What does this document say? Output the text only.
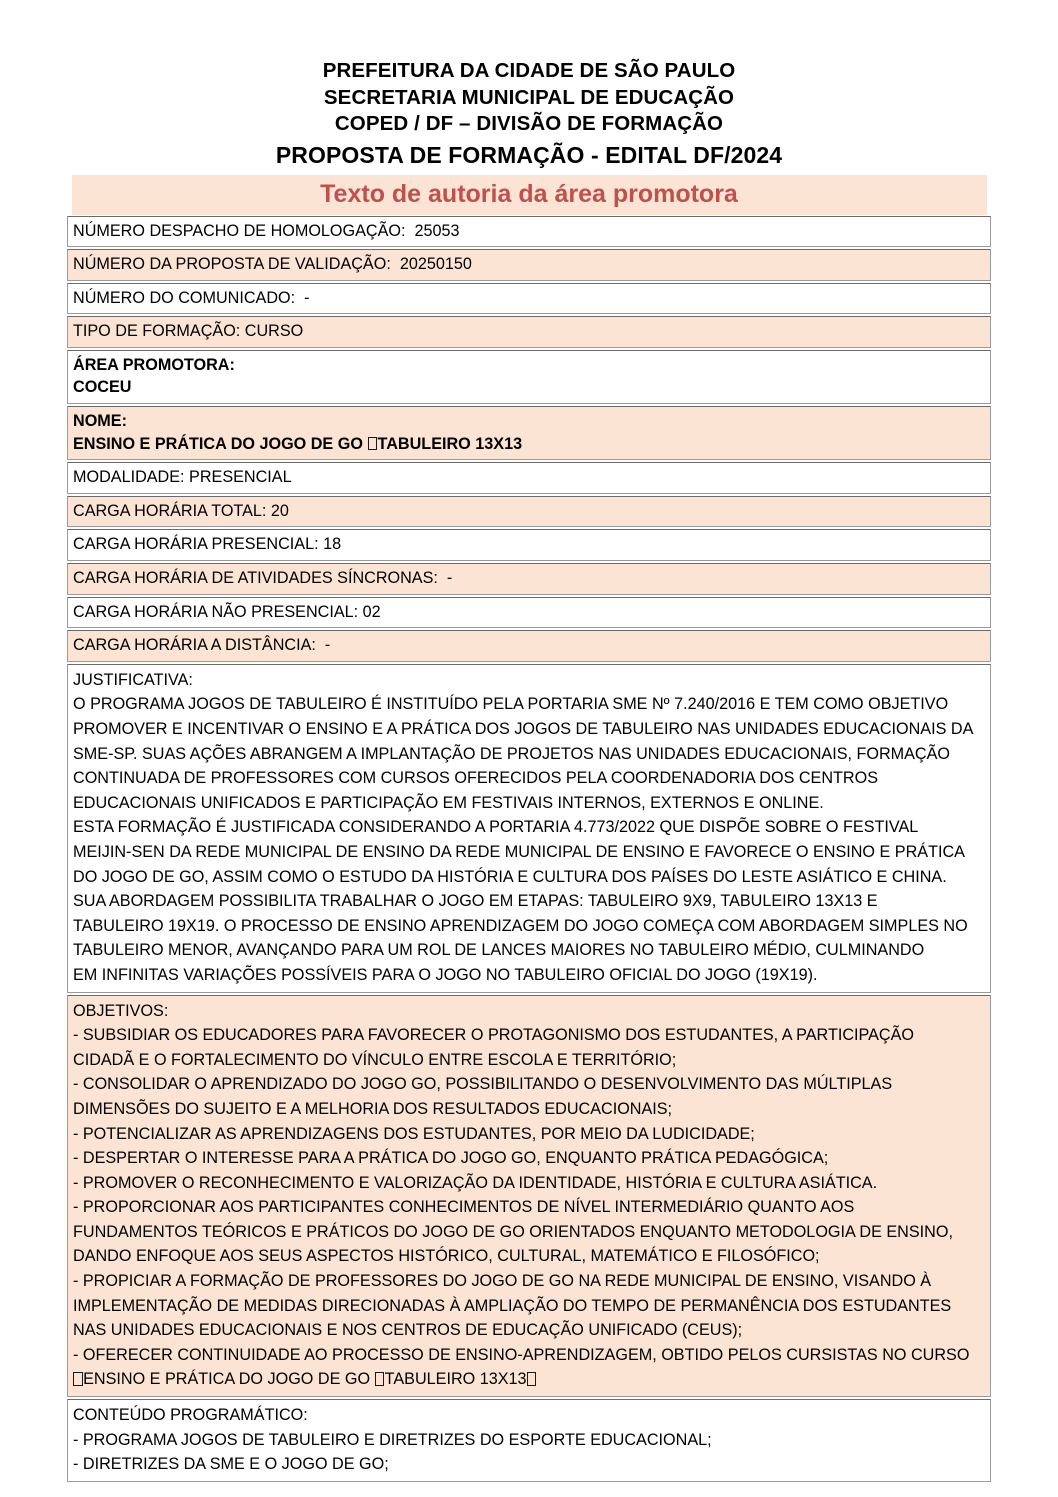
PREFEITURA DA CIDADE DE SÃO PAULO
SECRETARIA MUNICIPAL DE EDUCAÇÃO
COPED / DF – DIVISÃO DE FORMAÇÃO
PROPOSTA DE FORMAÇÃO - EDITAL DF/2024
Texto de autoria da área promotora

NÚMERO DESPACHO DE HOMOLOGAÇÃO:  25053

NÚMERO DA PROPOSTA DE VALIDAÇÃO:  20250150

NÚMERO DO COMUNICADO:  -

TIPO DE FORMAÇÃO: CURSO

ÁREA PROMOTORA:
COCEU
NOME:
ENSINO E PRÁTICA DO JOGO DE GO TABULEIRO 13X13

MODALIDADE: PRESENCIAL

CARGA HORÁRIA TOTAL: 20

CARGA HORÁRIA PRESENCIAL: 18

CARGA HORÁRIA DE ATIVIDADES SÍNCRONAS:  -

CARGA HORÁRIA NÃO PRESENCIAL: 02

CARGA HORÁRIA A DISTÂNCIA:  -

JUSTIFICATIVA:
O PROGRAMA JOGOS DE TABULEIRO É INSTITUÍDO PELA PORTARIA SME Nº 7.240/2016 E TEM COMO OBJETIVO
PROMOVER E INCENTIVAR O ENSINO E A PRÁTICA DOS JOGOS DE TABULEIRO NAS UNIDADES EDUCACIONAIS DA
SME-SP. SUAS AÇÕES ABRANGEM A IMPLANTAÇÃO DE PROJETOS NAS UNIDADES EDUCACIONAIS, FORMAÇÃO
CONTINUADA DE PROFESSORES COM CURSOS OFERECIDOS PELA COORDENADORIA DOS CENTROS
EDUCACIONAIS UNIFICADOS E PARTICIPAÇÃO EM FESTIVAIS INTERNOS, EXTERNOS E ONLINE.
ESTA FORMAÇÃO É JUSTIFICADA CONSIDERANDO A PORTARIA 4.773/2022 QUE DISPÕE SOBRE O FESTIVAL
MEIJIN-SEN DA REDE MUNICIPAL DE ENSINO DA REDE MUNICIPAL DE ENSINO E FAVORECE O ENSINO E PRÁTICA
DO JOGO DE GO, ASSIM COMO O ESTUDO DA HISTÓRIA E CULTURA DOS PAÍSES DO LESTE ASIÁTICO E CHINA.
SUA ABORDAGEM POSSIBILITA TRABALHAR O JOGO EM ETAPAS: TABULEIRO 9X9, TABULEIRO 13X13 E
TABULEIRO 19X19. O PROCESSO DE ENSINO APRENDIZAGEM DO JOGO COMEÇA COM ABORDAGEM SIMPLES NO
TABULEIRO MENOR, AVANÇANDO PARA UM ROL DE LANCES MAIORES NO TABULEIRO MÉDIO, CULMINANDO
EM INFINITAS VARIAÇÕES POSSÍVEIS PARA O JOGO NO TABULEIRO OFICIAL DO JOGO (19X19).
OBJETIVOS:
- SUBSIDIAR OS EDUCADORES PARA FAVORECER O PROTAGONISMO DOS ESTUDANTES, A PARTICIPAÇÃO
CIDADÃ E O FORTALECIMENTO DO VÍNCULO ENTRE ESCOLA E TERRITÓRIO;
- CONSOLIDAR O APRENDIZADO DO JOGO GO, POSSIBILITANDO O DESENVOLVIMENTO DAS MÚLTIPLAS
DIMENSÕES DO SUJEITO E A MELHORIA DOS RESULTADOS EDUCACIONAIS;
- POTENCIALIZAR AS APRENDIZAGENS DOS ESTUDANTES, POR MEIO DA LUDICIDADE;
- DESPERTAR O INTERESSE PARA A PRÁTICA DO JOGO GO, ENQUANTO PRÁTICA PEDAGÓGICA;
- PROMOVER O RECONHECIMENTO E VALORIZAÇÃO DA IDENTIDADE, HISTÓRIA E CULTURA ASIÁTICA.
- PROPORCIONAR AOS PARTICIPANTES CONHECIMENTOS DE NÍVEL INTERMEDIÁRIO QUANTO AOS
FUNDAMENTOS TEÓRICOS E PRÁTICOS DO JOGO DE GO ORIENTADOS ENQUANTO METODOLOGIA DE ENSINO,
DANDO ENFOQUE AOS SEUS ASPECTOS HISTÓRICO, CULTURAL, MATEMÁTICO E FILOSÓFICO;
- PROPICIAR A FORMAÇÃO DE PROFESSORES DO JOGO DE GO NA REDE MUNICIPAL DE ENSINO, VISANDO À
IMPLEMENTAÇÃO DE MEDIDAS DIRECIONADAS À AMPLIAÇÃO DO TEMPO DE PERMANÊNCIA DOS ESTUDANTES
NAS UNIDADES EDUCACIONAIS E NOS CENTROS DE EDUCAÇÃO UNIFICADO (CEUS);
- OFERECER CONTINUIDADE AO PROCESSO DE ENSINO-APRENDIZAGEM, OBTIDO PELOS CURSISTAS NO CURSO
ENSINO E PRÁTICA DO JOGO DE GO TABULEIRO 13X13
CONTEÚDO PROGRAMÁTICO:
- PROGRAMA JOGOS DE TABULEIRO E DIRETRIZES DO ESPORTE EDUCACIONAL;
- DIRETRIZES DA SME E O JOGO DE GO;
